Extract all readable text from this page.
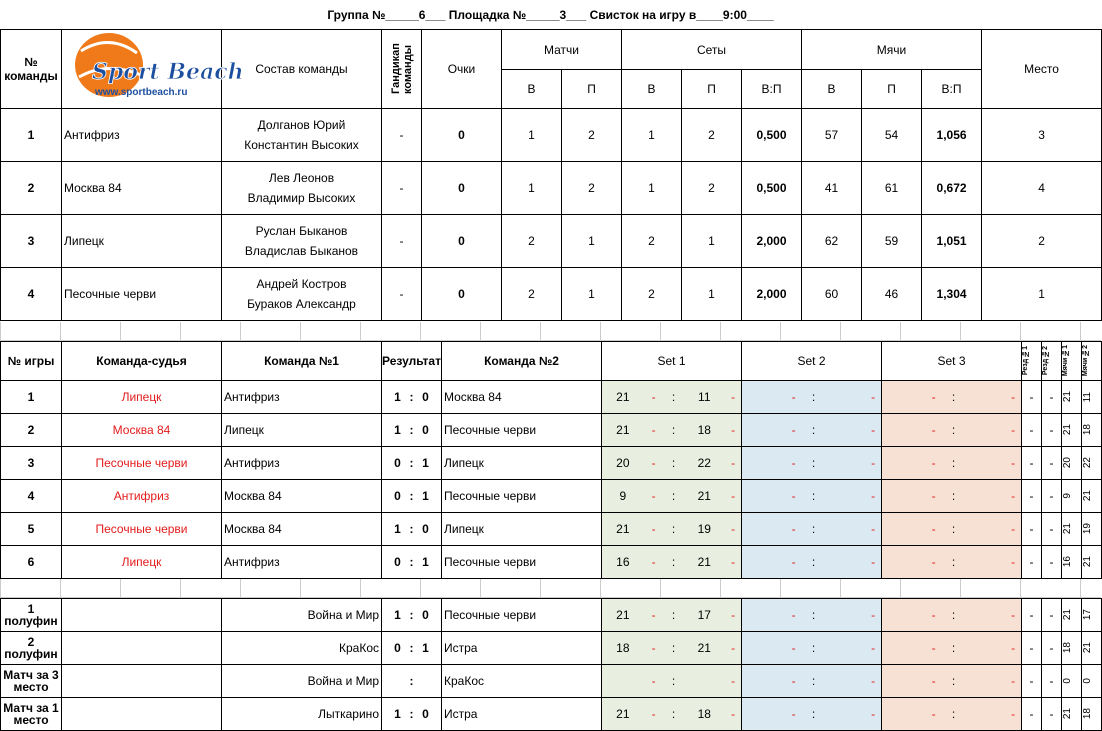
Группа №_____6___ Площадка №_____3___ Свисток на игру в____9:00____
№ команды	Sport Beach
www.sportbeach.ru	Состав команды	Гандикап команды	Очки	Матчи		Сеты			Мячи			Место
					В	П	В	П	В:П	В	П	В:П	
1	Антифриз	Долганов Юрий
Константин Высоких	-	0	1	2	1	2	0,500	57	54	1,056	3
2	Москва 84	Лев Леонов
Владимир Высоких	-	0	1	2	1	2	0,500	41	61	0,672	4
3	Липецк	Руслан Быканов
Владислав Быканов	-	0	2	1	2	1	2,000	62	59	1,051	2
4	Песочные черви	Андрей Костров
Бураков Александр	-	0	2	1	2	1	2,000	60	46	1,304	1
№ игры	Команда-судья	Команда №1	Результат	Команда №2	Set 1	Set 2	Set 3	Резд №1	Резд №2	Мячи №1	Мячи №2

1	Липецк	Антифриз	1 : 0	Москва 84	21 - : 11 -	- : -	- : -	-	-	21	11

2	Москва 84	Липецк	1 : 0	Песочные черви	21 - : 18 -	- : -	- : -	-	-	21	18

3	Песочные черви	Антифриз	0 : 1	Липецк	20 - : 22 -	- : -	- : -	-	-	20	22

4	Антифриз	Москва 84	0 : 1	Песочные черви	9 - : 21 -	- : -	- : -	-	-	9	21

5	Песочные черви	Москва 84	1 : 0	Липецк	21 - : 19 -	- : -	- : -	-	-	21	19

6	Липецк	Антифриз	0 : 1	Песочные черви	16 - : 21 -	- : -	- : -	-	-	16	21
1 полуфин		Война и Мир	1 : 0	Песочные черви	21 - : 17 -	- : -	- : -	-	-	21	17

2 полуфин		КраКос	0 : 1	Истра	18 - : 21 -	- : -	- : -	-	-	18	21

Матч за 3 место		Война и Мир	:	КраКос	- : -	- : -	- : -	-	-	0	0

Матч за 1 место		Лыткарино	1 : 0	Истра	21 - : 18 -	- : -	- : -	-	-	21	18
